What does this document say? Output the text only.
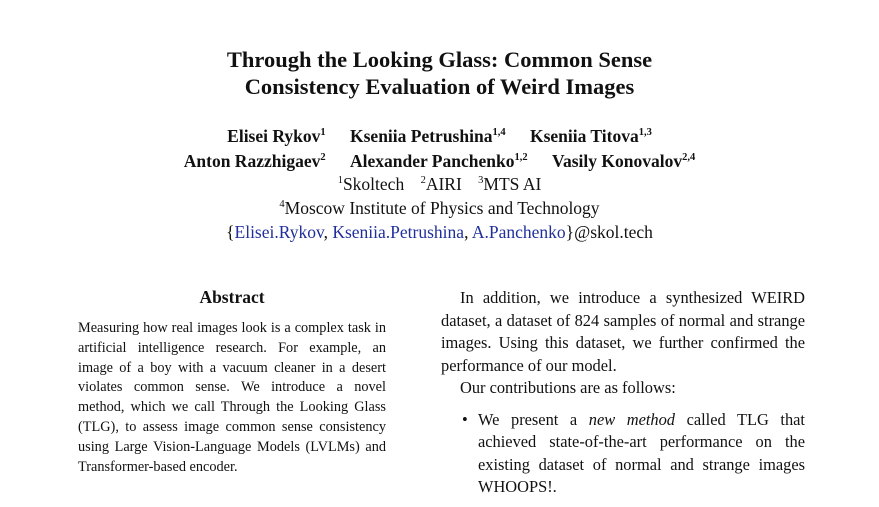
Through the Looking Glass: Common Sense
Consistency Evaluation of Weird Images
Elisei Rykov$^1$ Kseniia Petrushina$^{1,4}$ Kseniia Titova$^{1,3}$
Anton Razzhigaev$^2$ Alexander Panchenko$^{1,2}$ Vasily Konovalov$^{2,4}$
$^1$Skoltech $^2$AIRI $^3$MTS AI
$^4$Moscow Institute of Physics and Technology
{Elisei.Rykov, Kseniia.Petrushina, A.Panchenko}@skol.tech
Abstract
Measuring how real images look is a complex task in artificial intelligence research. For example, an image of a boy with a vacuum cleaner in a desert violates common sense. We introduce a novel method, which we call Through the Looking Glass (TLG), to assess image common sense consistency using Large Vision-Language Models (LVLMs) and Transformer-based encoder.

In addition, we introduce a synthesized WEIRD dataset, a dataset of 824 samples of normal and strange images. Using this dataset, we further confirmed the performance of our model.

Our contributions are as follows:

• We present a new method called TLG that achieved state-of-the-art performance on the existing dataset of normal and strange images WHOOPS!.
